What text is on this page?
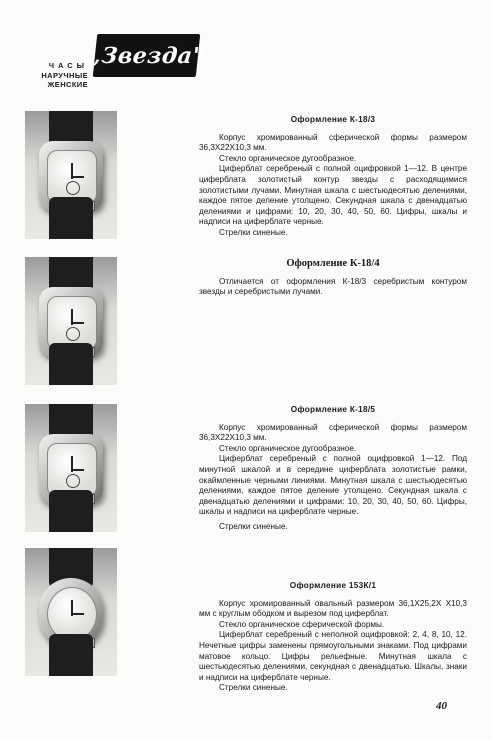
ЧАСЫ
НАРУЧНЫЕ
ЖЕНСКИЕ
„Звезда"
Оформление К-18/3

Корпус хромированный сферической формы размером 36,3X22X10,3 мм.

Стекло органическое дугообразное.

Циферблат серебреный с полной оцифровкой 1—12. В центре циферблата золотистый контур звезды с расходящимися золотистыми лучами. Минутная шкала с шестьюдесятью делениями, каждое пятое деление утолщено. Секундная шкала с двенадцатью делениями и цифрами: 10, 20, 30, 40, 50, 60. Цифры, шкалы и надписи на циферблате черные.

Стрелки синеные.

Оформление К-18/4

Отличается от оформления К-18/3 серебристым контуром звезды и серебристыми лучами.

Оформление К-18/5

Корпус хромированный сферической формы размером 36,3X22X10,3 мм.

Стекло органическое дугообразное.

Циферблат серебреный с полной оцифровкой 1—12. Под минутной шкалой и в середине циферблата золотистые рамки, окаймленные черными линиями. Минутная шкала с шестьюдесятью делениями, каждое пятое деление утолщено. Секундная шкала с двенадцатью делениями и цифрами: 10, 20, 30, 40, 50, 60. Цифры, шкалы и надписи на циферблате черные.

Стрелки синеные.

Оформление 153К/1

Корпус хромированный овальный размером 36,1X25,2X X10,3 мм с круглым ободком и вырезом под циферблат.

Стекло органическое сферической формы.

Циферблат серебреный с неполной оцифровкой: 2, 4, 8, 10, 12. Нечетные цифры заменены прямоугольными знаками. Под цифрами матовое кольцо. Цифры рельефные. Минутная шкала с шестьюдесятью делениями, секундная с двенадцатью. Шкалы, знаки и надписи на циферблате черные.

Стрелки синеные.

40
